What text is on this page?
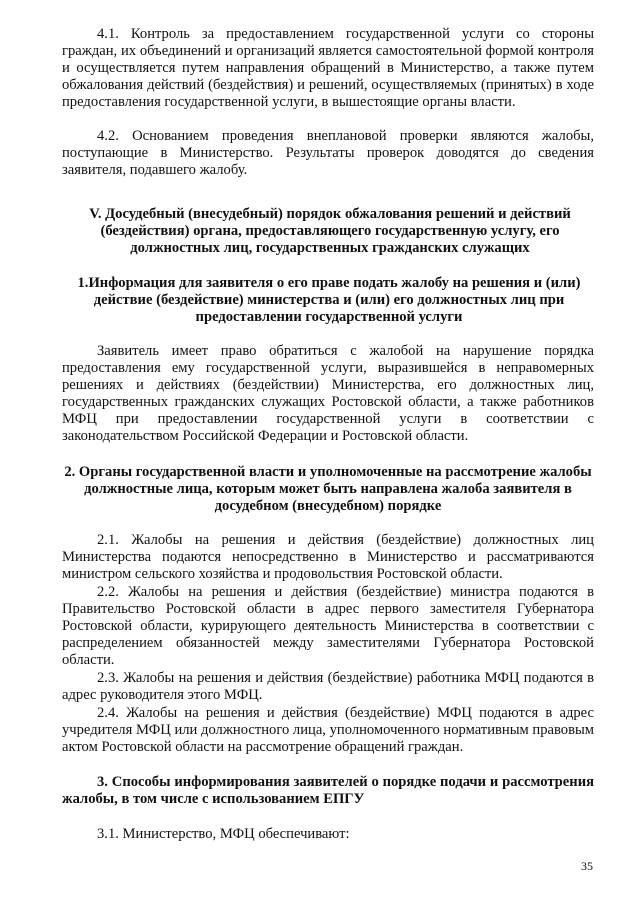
4.1. Контроль за предоставлением государственной услуги со стороны граждан, их объединений и организаций является самостоятельной формой контроля и осуществляется путем направления обращений в Министерство, а также путем обжалования действий (бездействия) и решений, осуществляемых (принятых) в ходе предоставления государственной услуги, в вышестоящие органы власти.

4.2. Основанием проведения внеплановой проверки являются жалобы, поступающие в Министерство. Результаты проверок доводятся до сведения заявителя, подавшего жалобу.

V. Досудебный (внесудебный) порядок обжалования решений и действий (бездействия) органа, предоставляющего государственную услугу, его должностных лиц, государственных гражданских служащих

1.Информация для заявителя о его праве подать жалобу на решения и (или) действие (бездействие) министерства и (или) его должностных лиц при предоставлении государственной услуги

Заявитель имеет право обратиться с жалобой на нарушение порядка предоставления ему государственной услуги, выразившейся в неправомерных решениях и действиях (бездействии) Министерства, его должностных лиц, государственных гражданских служащих Ростовской области, а также работников МФЦ при предоставлении государственной услуги в соответствии с законодательством Российской Федерации и Ростовской области.

2. Органы государственной власти и уполномоченные на рассмотрение жалобы должностные лица, которым может быть направлена жалоба заявителя в досудебном (внесудебном) порядке

2.1. Жалобы на решения и действия (бездействие) должностных лиц Министерства подаются непосредственно в Министерство и рассматриваются министром сельского хозяйства и продовольствия Ростовской области.

2.2. Жалобы на решения и действия (бездействие) министра подаются в Правительство Ростовской области в адрес первого заместителя Губернатора Ростовской области, курирующего деятельность Министерства в соответствии с распределением обязанностей между заместителями Губернатора Ростовской области.

2.3. Жалобы на решения и действия (бездействие) работника МФЦ подаются в адрес руководителя этого МФЦ.

2.4. Жалобы на решения и действия (бездействие) МФЦ подаются в адрес учредителя МФЦ или должностного лица, уполномоченного нормативным правовым актом Ростовской области на рассмотрение обращений граждан.

3. Способы информирования заявителей о порядке подачи и рассмотрения жалобы, в том числе с использованием ЕПГУ

3.1. Министерство, МФЦ обеспечивают:

35
